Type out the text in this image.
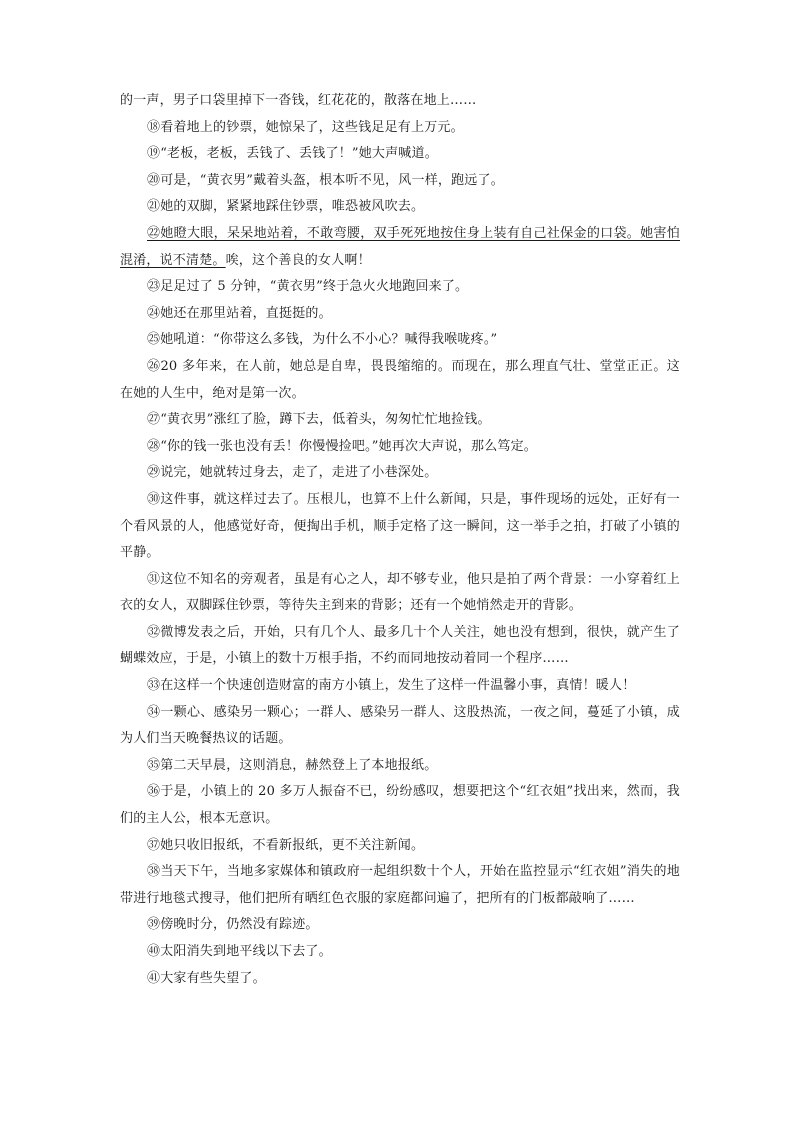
的一声，男子口袋里掉下一沓钱，红花花的，散落在地上……

⑱看着地上的钞票，她惊呆了，这些钱足足有上万元。

⑲“老板，老板，丢钱了、丢钱了！”她大声喊道。

⑳可是，“黄衣男”戴着头盔，根本听不见，风一样，跑远了。

㉑她的双脚，紧紧地踩住钞票，唯恐被风吹去。

㉒她瞪大眼，呆呆地站着，不敢弯腰，双手死死地按住身上装有自己社保金的口袋。她害怕混淆，说不清楚。唉，这个善良的女人啊！

㉓足足过了 5 分钟，“黄衣男”终于急火火地跑回来了。

㉔她还在那里站着，直挺挺的。

㉕她吼道：“你带这么多钱，为什么不小心？喊得我喉咙疼。”

㉖20 多年来，在人前，她总是自卑，畏畏缩缩的。而现在，那么理直气壮、堂堂正正。这在她的人生中，绝对是第一次。

㉗“黄衣男”涨红了脸，蹲下去，低着头，匆匆忙忙地捡钱。

㉘“你的钱一张也没有丢！你慢慢捡吧。”她再次大声说，那么笃定。

㉙说完，她就转过身去，走了，走进了小巷深处。

㉚这件事，就这样过去了。压根儿，也算不上什么新闻，只是，事件现场的远处，正好有一个看风景的人，他感觉好奇，便掏出手机，顺手定格了这一瞬间，这一举手之拍，打破了小镇的平静。

㉛这位不知名的旁观者，虽是有心之人，却不够专业，他只是拍了两个背景：一小穿着红上衣的女人，双脚踩住钞票，等待失主到来的背影；还有一个她悄然走开的背影。

㉜微博发表之后，开始，只有几个人、最多几十个人关注，她也没有想到，很快，就产生了蝴蝶效应，于是，小镇上的数十万根手指，不约而同地按动着同一个程序……

㉝在这样一个快速创造财富的南方小镇上，发生了这样一件温馨小事，真情！暖人！

㉞一颗心、感染另一颗心；一群人、感染另一群人、这股热流，一夜之间，蔓延了小镇，成为人们当天晚餐热议的话题。

㉟第二天早晨，这则消息，赫然登上了本地报纸。

㊱于是，小镇上的 20 多万人振奋不已，纷纷感叹，想要把这个“红衣姐”找出来，然而，我们的主人公，根本无意识。

㊲她只收旧报纸，不看新报纸，更不关注新闻。

㊳当天下午，当地多家媒体和镇政府一起组织数十个人，开始在监控显示“红衣姐”消失的地带进行地毯式搜寻，他们把所有晒红色衣服的家庭都问遍了，把所有的门板都敲响了……

㊴傍晚时分，仍然没有踪迹。

㊵太阳消失到地平线以下去了。

㊶大家有些失望了。
